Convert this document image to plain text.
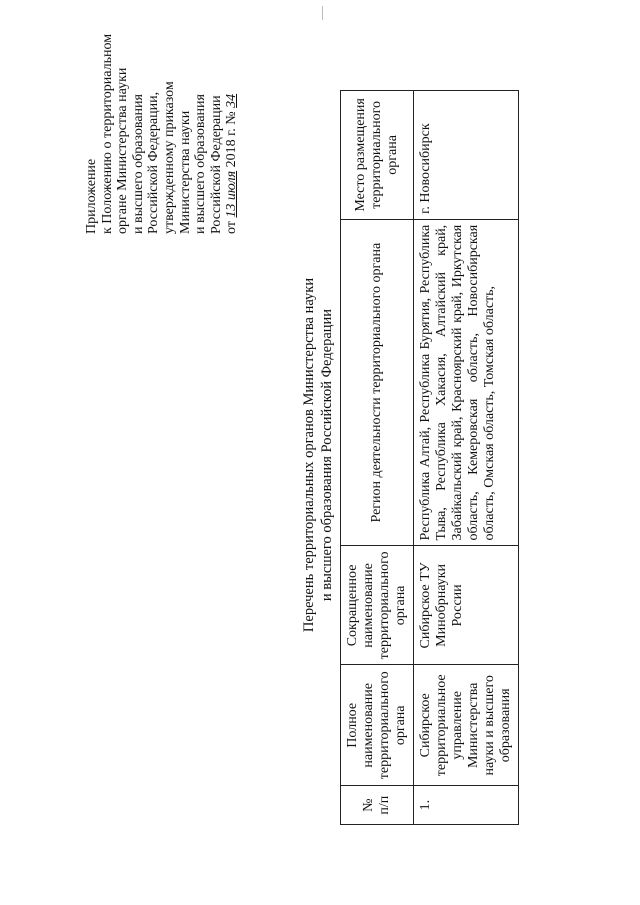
Приложение к Положению о территориальном органе Министерства науки и высшего образования Российской Федерации, утвержденному приказом Министерства науки и высшего образования Российской Федерации от 13 июля 2018 г. № 34
Перечень территориальных органов Министерства науки и высшего образования Российской Федерации
№ п/п	Полное наименование территориального органа	Сокращенное наименование территориального органа	Регион деятельности территориального органа	Место размещения территориального органа
1.	Сибирское территориальное управление Министерства науки и высшего образования	Сибирское ТУ Минобрнауки России	Республика Алтай, Республика Бурятия, Республика Тыва, Республика Хакасия, Алтайский край, Забайкальский край, Красноярский край, Иркутская область, Кемеровская область, Новосибирская область, Омская область, Томская область,	г. Новосибирск
